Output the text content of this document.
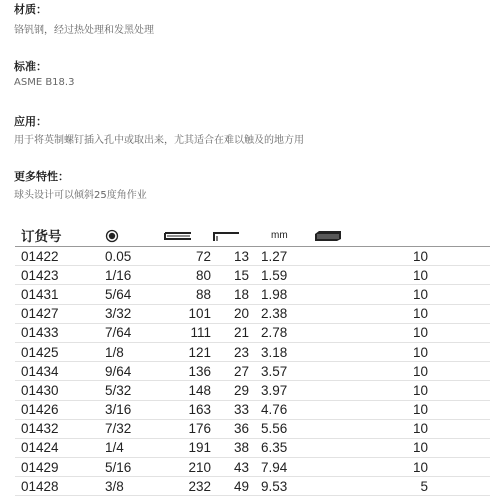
材质：
铬钒钢，经过热处理和发黑处理
标准：
ASME B18.3
应用：
用于将英制螺钉插入孔中或取出来，尤其适合在难以触及的地方用
更多特性：
球头设计可以倾斜25度角作业
订货号				mm	
01422	0.05	72	13	1.27	10
01423	1/16	80	15	1.59	10
01431	5/64	88	18	1.98	10
01427	3/32	101	20	2.38	10
01433	7/64	111	21	2.78	10
01425	1/8	121	23	3.18	10
01434	9/64	136	27	3.57	10
01430	5/32	148	29	3.97	10
01426	3/16	163	33	4.76	10
01432	7/32	176	36	5.56	10
01424	1/4	191	38	6.35	10
01429	5/16	210	43	7.94	10
01428	3/8	232	49	9.53	5
